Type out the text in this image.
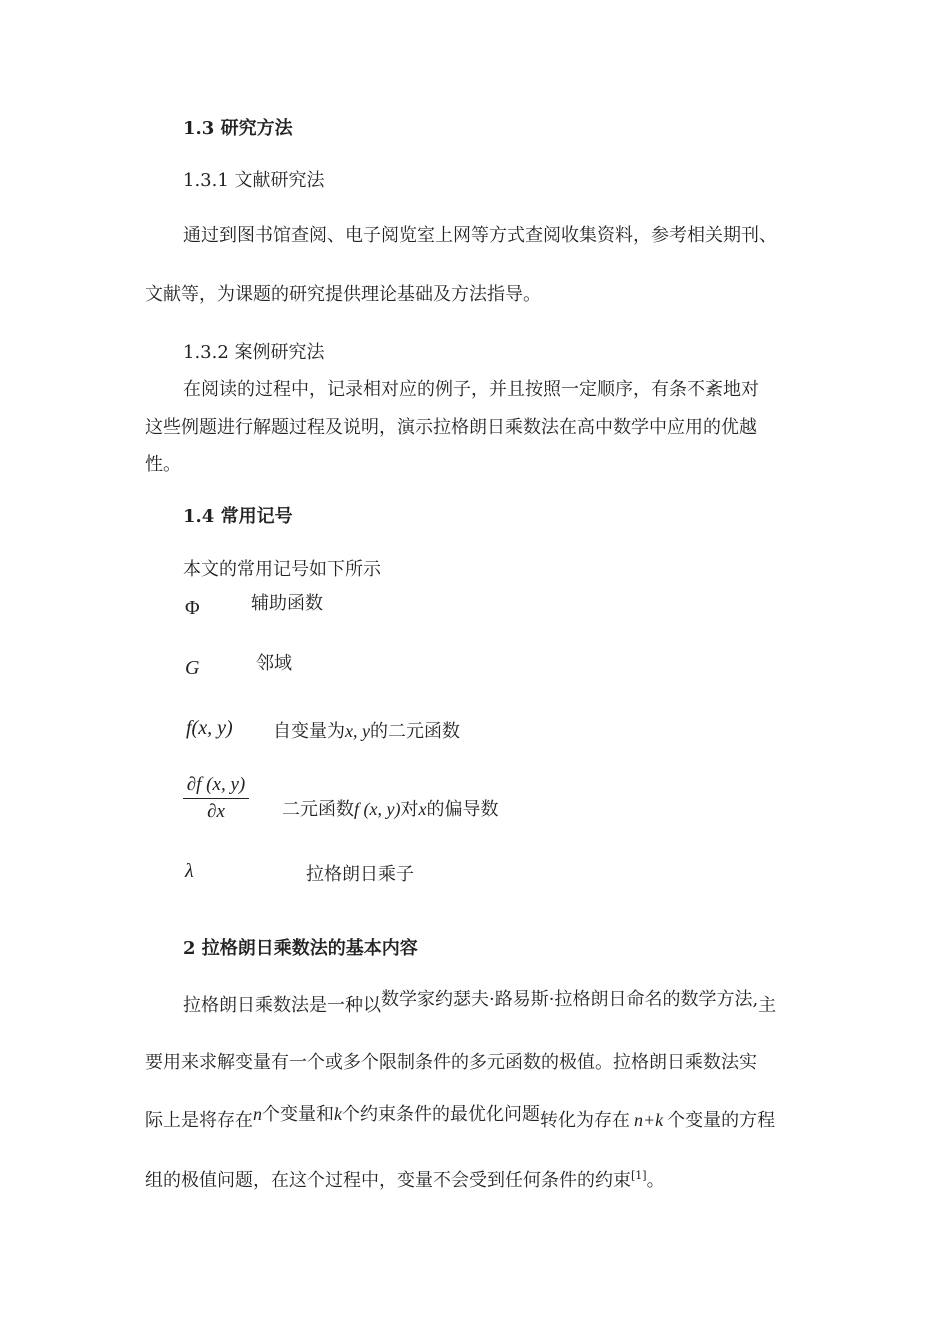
1.3 研究方法
1.3.1 文献研究法
通过到图书馆查阅、电子阅览室上网等方式查阅收集资料，参考相关期刊、
文献等，为课题的研究提供理论基础及方法指导。
1.3.2 案例研究法
在阅读的过程中，记录相对应的例子，并且按照一定顺序，有条不紊地对
这些例题进行解题过程及说明，演示拉格朗日乘数法在高中数学中应用的优越
性。
1.4 常用记号
本文的常用记号如下所示
Φ	辅助函数
G	邻域
f(x, y) 自变量为x, y的二元函数
∂f (x, y)
∂x	二元函数f (x, y)对x的偏导数
λ	拉格朗日乘子
2 拉格朗日乘数法的基本内容
拉格朗日乘数法是一种以数学家约瑟夫·路易斯·拉格朗日命名的数学方法,主
要用来求解变量有一个或多个限制条件的多元函数的极值。拉格朗日乘数法实
际上是将存在n个变量和k个约束条件的最优化问题转化为存在 n+k 个变量的方程
组的极值问题，在这个过程中，变量不会受到任何条件的约束[1]。
